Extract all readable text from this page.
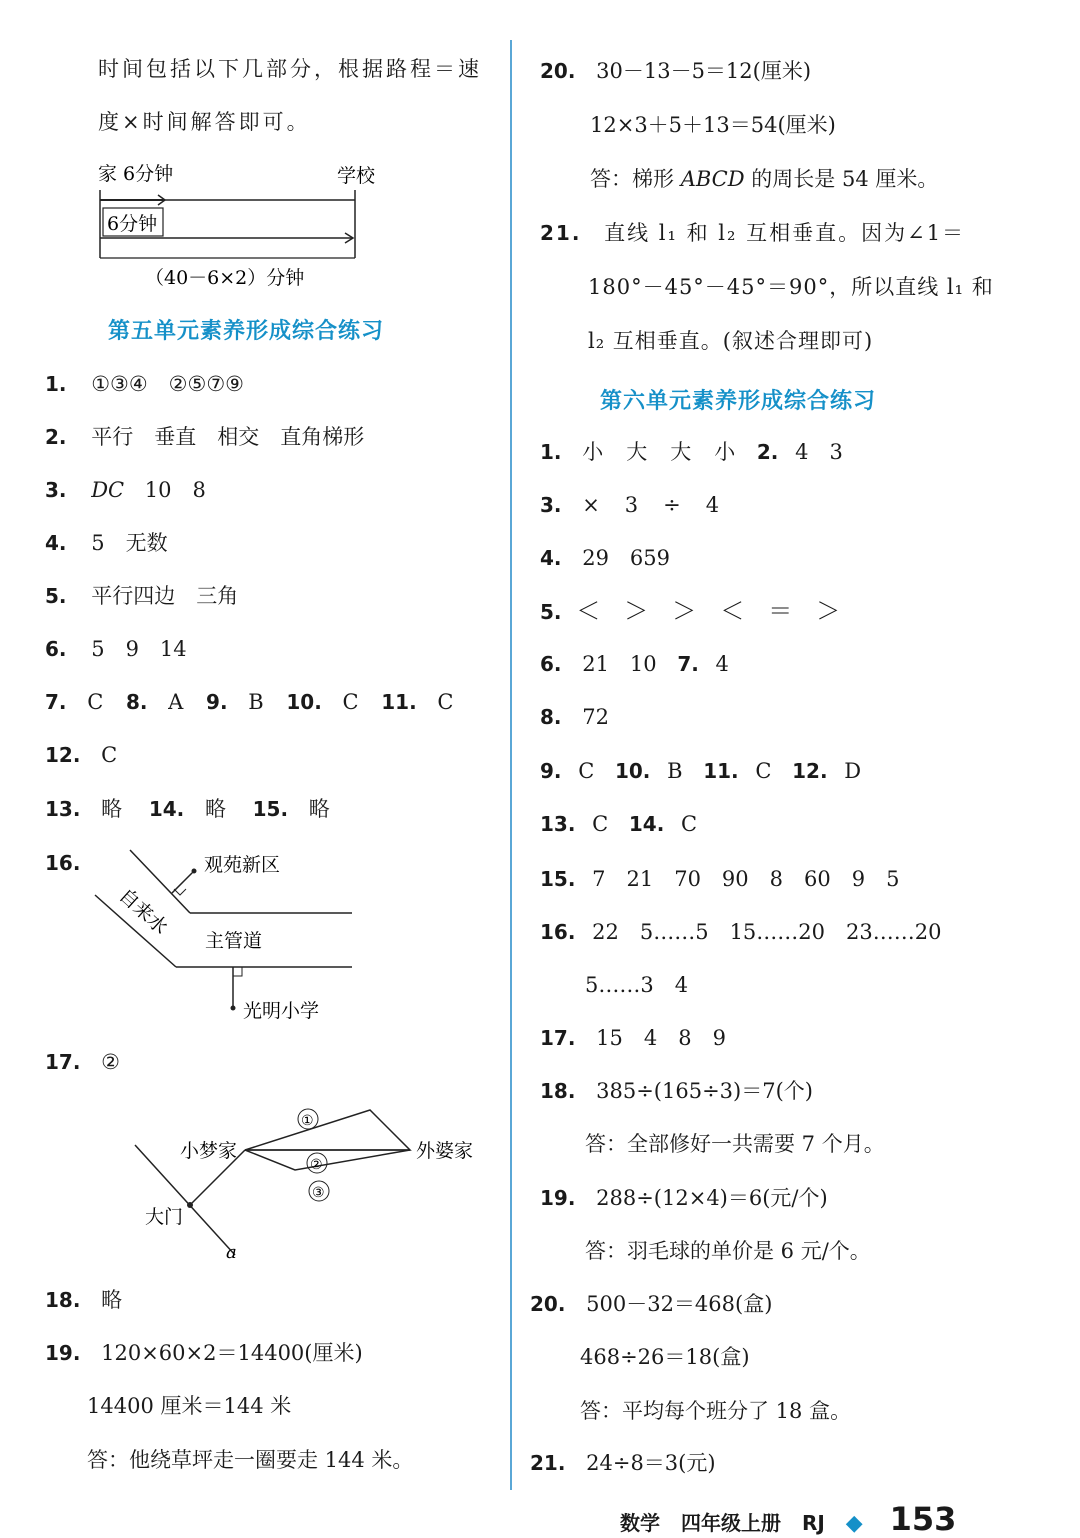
时间包括以下几部分，根据路程＝速
度×时间解答即可。
家 6分钟	学校
6分钟
（40－6×2）分钟
第五单元素养形成综合练习
1. ①③④　②⑤⑦⑨
2. 平行　垂直　相交　直角梯形
3. DC 10　8
4. 5　无数
5. 平行四边　三角
6. 5　9　14
7. C 8. A 9. B 10. C 11. C
12. C
13. 略 14. 略 15. 略
16.	观苑新区
自来水
主管道
光明小学
17. ②
①
②
③
小梦家	外婆家
大门
a
18. 略
19. 120×60×2＝14400(厘米)
14400 厘米＝144 米
答：他绕草坪走一圈要走 144 米。
20. 30－13－5＝12(厘米)
12×3＋5＋13＝54(厘米)
答：梯形 ABCD 的周长是 54 厘米。
21. 直线 l₁ 和 l₂ 互相垂直。因为∠1＝
180°－45°－45°＝90°，所以直线 l₁ 和
l₂ 互相垂直。(叙述合理即可)
第六单元素养形成综合练习
1. 小　大　大　小 2. 4　3
3. ×　3　÷　4
4. 29　659
5. ＜　＞　＞　＜　＝　＞
6. 21　10 7. 4
8. 72
9. C 10. B 11. C 12. D
13. C 14. C
15. 7　21　70　90　8　60　9　5
16. 22　5……5　15……20　23……20
5……3　4
17. 15　4　8　9
18. 385÷(165÷3)＝7(个)
答：全部修好一共需要 7 个月。
19. 288÷(12×4)＝6(元/个)
答：羽毛球的单价是 6 元/个。
20. 500－32＝468(盒)
468÷26＝18(盒)
答：平均每个班分了 18 盒。
21. 24÷8＝3(元)
数学 四年级上册 RJ ◆ 153
